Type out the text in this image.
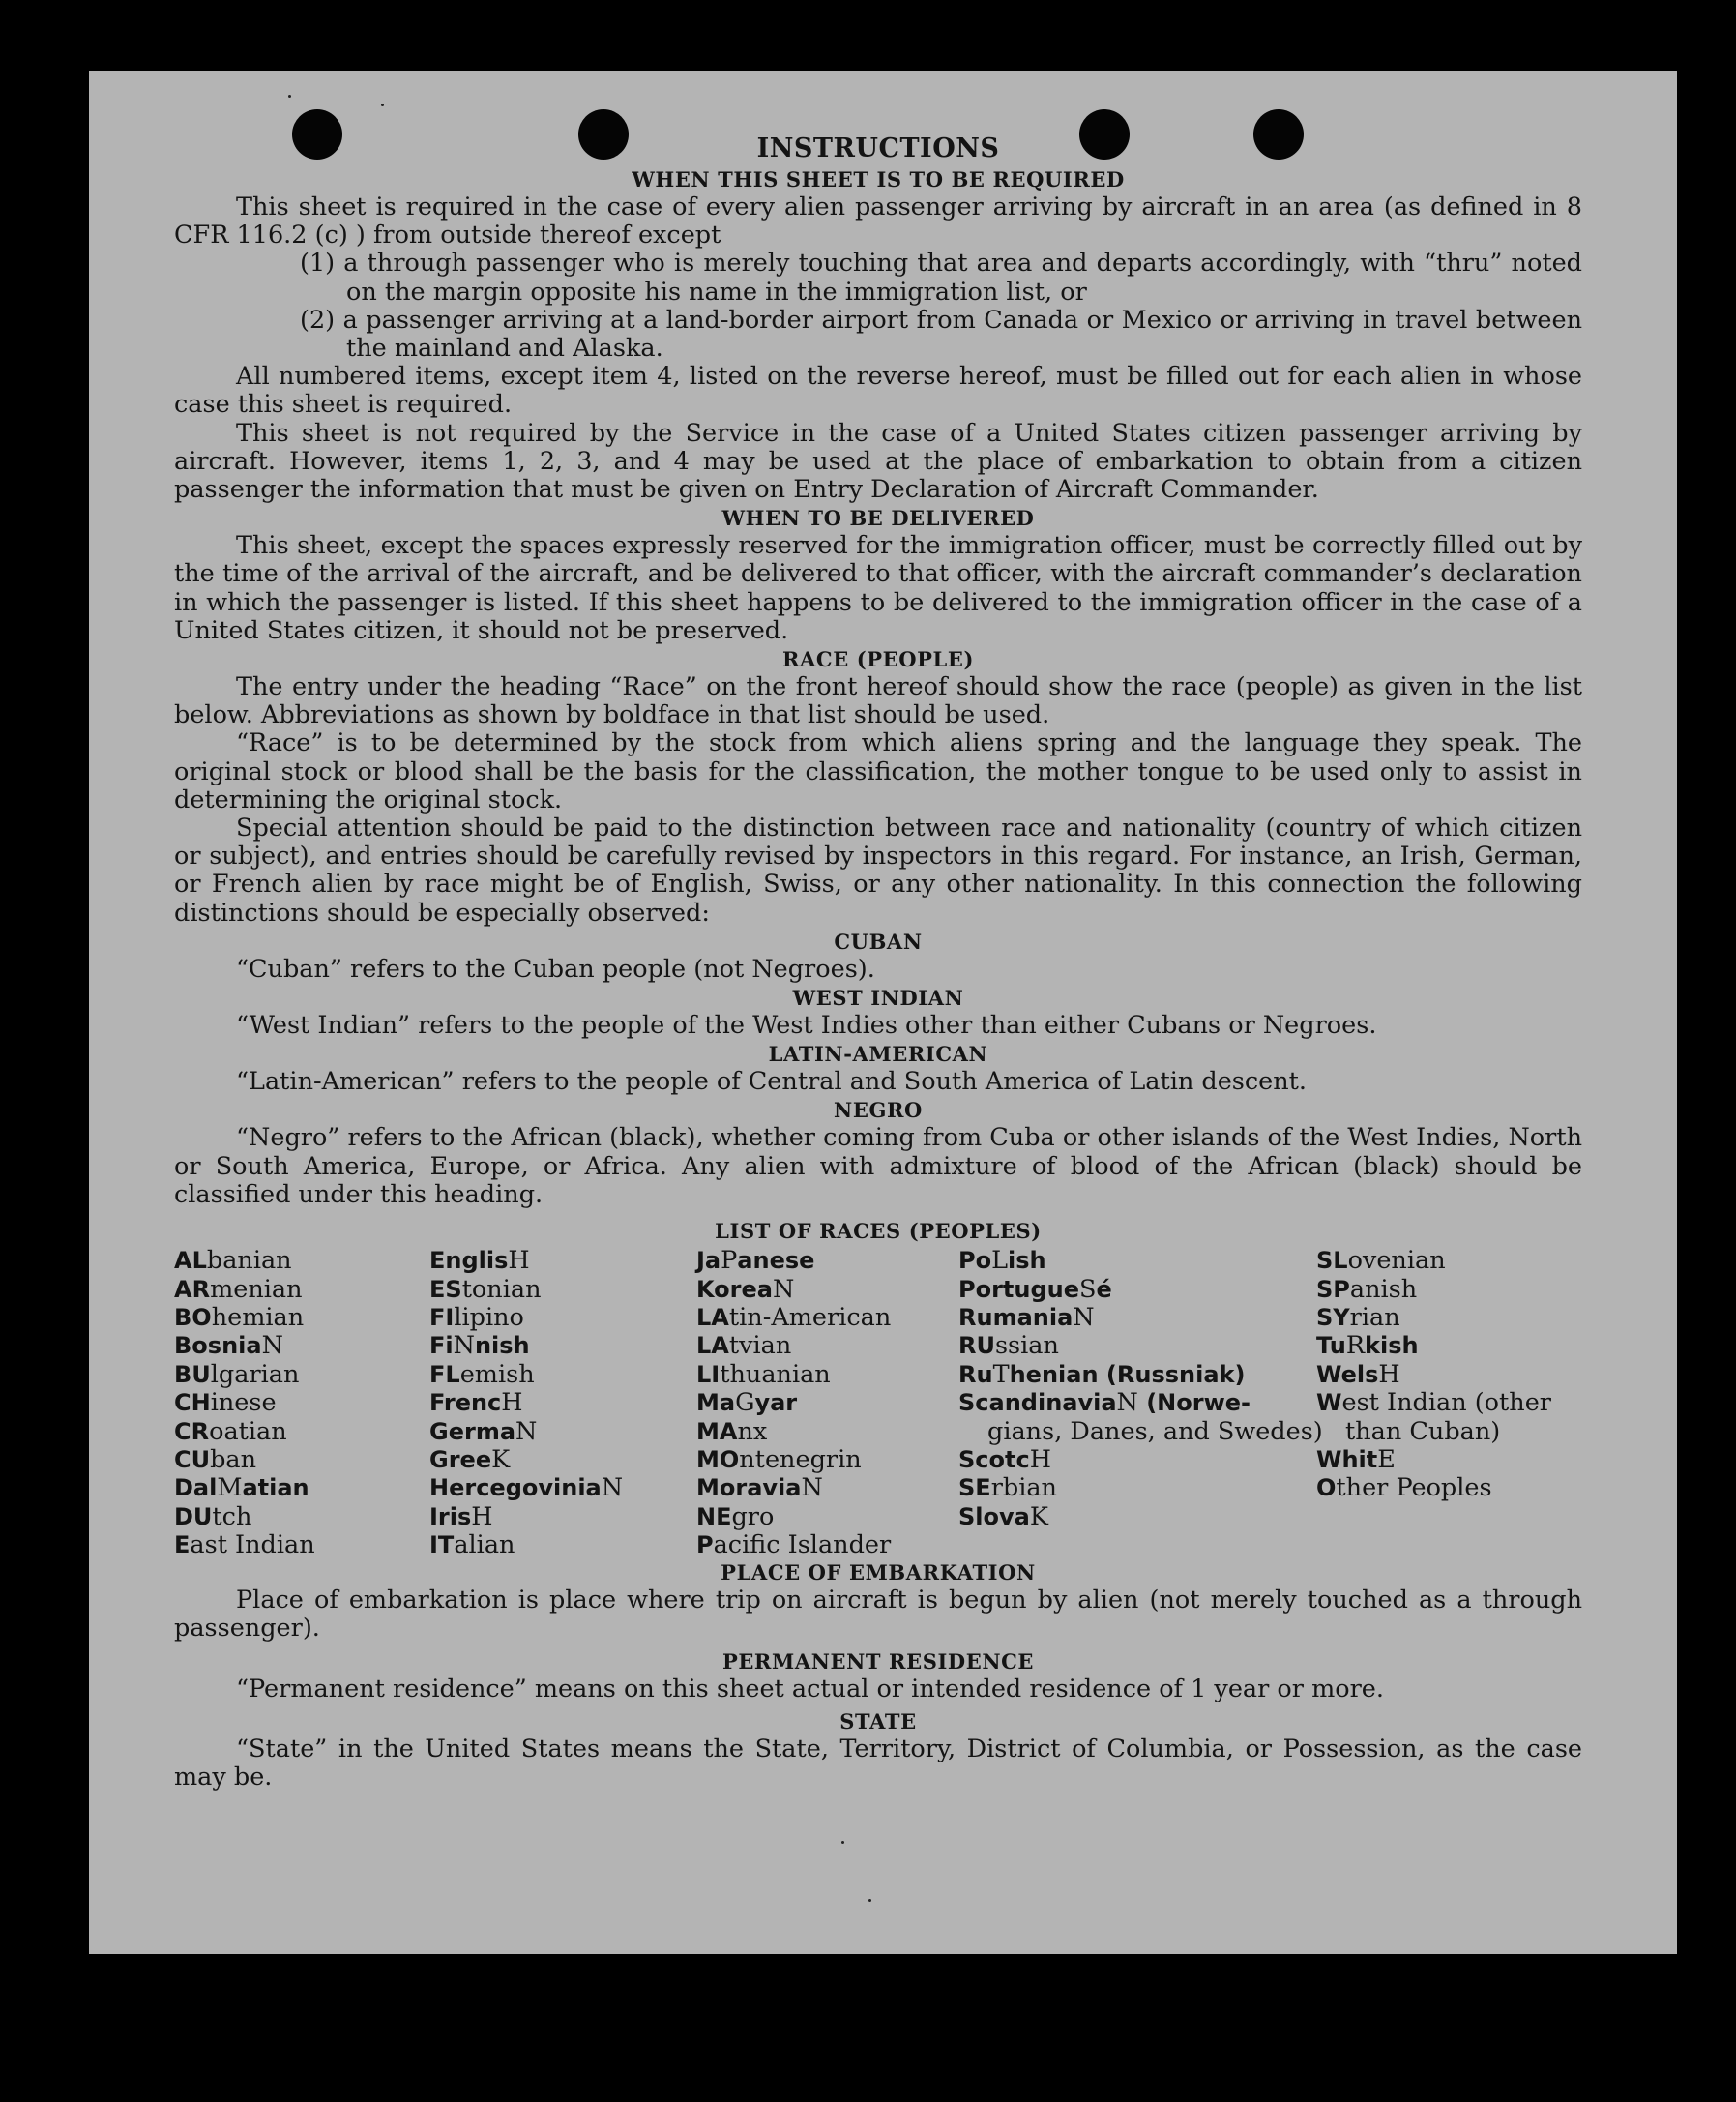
INSTRUCTIONS
WHEN THIS SHEET IS TO BE REQUIRED

This sheet is required in the case of every alien passenger arriving by aircraft in an area (as defined in 8 CFR 116.2 (c) ) from outside thereof except

(1) a through passenger who is merely touching that area and departs accordingly, with “thru” noted on the margin opposite his name in the immigration list, or

(2) a passenger arriving at a land-border airport from Canada or Mexico or arriving in travel between the mainland and Alaska.

All numbered items, except item 4, listed on the reverse hereof, must be filled out for each alien in whose case this sheet is required.

This sheet is not required by the Service in the case of a United States citizen passenger arriving by aircraft. However, items 1, 2, 3, and 4 may be used at the place of embarkation to obtain from a citizen passenger the information that must be given on Entry Declaration of Aircraft Commander.

WHEN TO BE DELIVERED

This sheet, except the spaces expressly reserved for the immigration officer, must be correctly filled out by the time of the arrival of the aircraft, and be delivered to that officer, with the aircraft commander’s declaration in which the passenger is listed. If this sheet happens to be delivered to the immigration officer in the case of a United States citizen, it should not be preserved.

RACE (PEOPLE)

The entry under the heading “Race” on the front hereof should show the race (people) as given in the list below. Abbreviations as shown by boldface in that list should be used.

“Race” is to be determined by the stock from which aliens spring and the language they speak. The original stock or blood shall be the basis for the classification, the mother tongue to be used only to assist in determining the original stock.

Special attention should be paid to the distinction between race and nationality (country of which citizen or subject), and entries should be carefully revised by inspectors in this regard. For instance, an Irish, German, or French alien by race might be of English, Swiss, or any other nationality. In this connection the following distinctions should be especially observed:

CUBAN
“Cuban” refers to the Cuban people (not Negroes).
WEST INDIAN
“West Indian” refers to the people of the West Indies other than either Cubans or Negroes.
LATIN-AMERICAN
“Latin-American” refers to the people of Central and South America of Latin descent.
NEGRO

“Negro” refers to the African (black), whether coming from Cuba or other islands of the West Indies, North or South America, Europe, or Africa. Any alien with admixture of blood of the African (black) should be classified under this heading.

LIST OF RACES (PEOPLES)
ALbanian
ARmenian
BOhemian
BosniaN
BUlgarian
CHinese
CRoatian
CUban
DalMatian
DUtch
East Indian
EnglisH
EStonian
FIlipino
FiNnish
FLemish
FrencH
GermaN
GreeK
HercegoviniaN
IrisH
ITalian
JaPanese
KoreaN
LAtin-American
LAtvian
LIthuanian
MaGyar
MAnx
MOntenegrin
MoraviaN
NEgro
Pacific Islander
PoLish
PortugueSé
RumaniaN
RUssian
RuThenian (Russniak)
ScandinaviaN (Norwe-
gians, Danes, and Swedes)
ScotcH
SErbian
SlovaK
SLovenian
SPanish
SYrian
TuRkish
WelsH
West Indian (other
than Cuban)
WhitE
Other Peoples
PLACE OF EMBARKATION

Place of embarkation is place where trip on aircraft is begun by alien (not merely touched as a through passenger).

PERMANENT RESIDENCE

“Permanent residence” means on this sheet actual or intended residence of 1 year or more.

STATE

“State” in the United States means the State, Territory, District of Columbia, or Possession, as the case may be.
